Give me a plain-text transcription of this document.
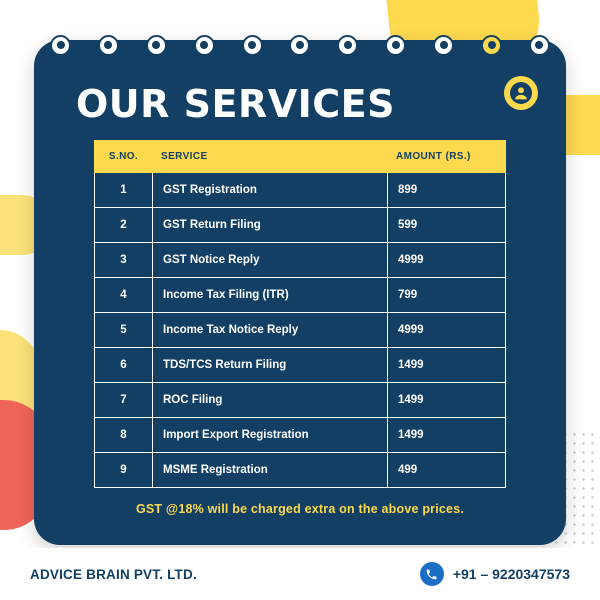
OUR SERVICES
S.NO.	SERVICE	AMOUNT (RS.)
1	GST Registration	899
2	GST Return Filing	599
3	GST Notice Reply	4999
4	Income Tax Filing (ITR)	799
5	Income Tax Notice Reply	4999
6	TDS/TCS Return Filing	1499
7	ROC Filing	1499
8	Import Export Registration	1499
9	MSME Registration	499
GST @18% will be charged extra on the above prices.
ADVICE BRAIN PVT. LTD.	+91 – 9220347573
